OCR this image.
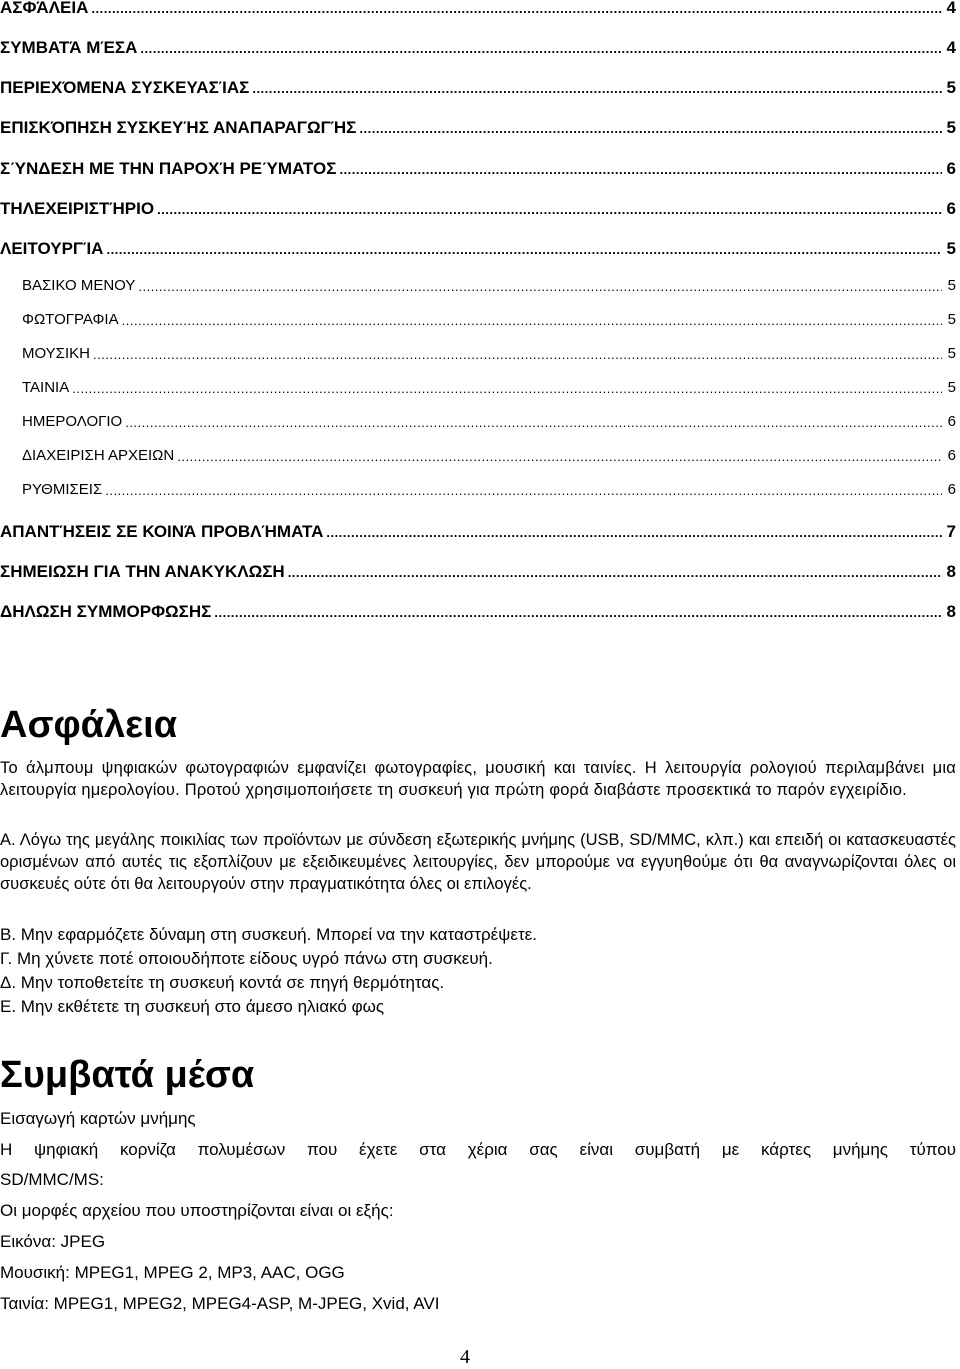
ΑΣΦΆΛΕΙΑ .....	4
ΣΥΜΒΑΤΆ ΜΈΣΑ .....	4
ΠΕΡΙΕΧΌΜΕΝΑ ΣΥΣΚΕΥΑΣΊΑΣ .....	5
ΕΠΙΣΚΌΠΗΣΗ ΣΥΣΚΕΥΉΣ ΑΝΑΠΑΡΑΓΩΓΉΣ .....	5
ΣΎΝΔΕΣΗ ΜΕ ΤΗΝ ΠΑΡΟΧΉ ΡΕΎΜΑΤΟΣ .....	6
ΤΗΛΕΧΕΙΡΙΣΤΉΡΙΟ .....	6
ΛΕΙΤΟΥΡΓΊΑ .....	5
ΒΑΣΙΚΟ ΜΕΝΟΥ .....	5
ΦΩΤΟΓΡΑΦΙΑ .....	5
ΜΟΥΣΙΚΗ .....	5
ΤΑΙΝΙΑ .....	5
ΗΜΕΡΟΛΟΓΙΟ .....	6
ΔΙΑΧΕΙΡΙΣΗ ΑΡΧΕΙΩΝ .....	6
ΡΥΘΜΙΣΕΙΣ .....	6
ΑΠΑΝΤΉΣΕΙΣ ΣΕ ΚΟΙΝΆ ΠΡΟΒΛΉΜΑΤΑ .....	7
ΣΗΜΕΙΩΣΗ ΓΙΑ ΤΗΝ ΑΝΑΚΥΚΛΩΣΗ .....	8
ΔΗΛΩΣΗ ΣΥΜΜΟΡΦΩΣΗΣ .....	8
Ασφάλεια

Το άλμπουμ ψηφιακών φωτογραφιών εμφανίζει φωτογραφίες, μουσική και ταινίες. Η λειτουργία ρολογιού περιλαμβάνει μια λειτουργία ημερολογίου. Προτού χρησιμοποιήσετε τη συσκευή για πρώτη φορά διαβάστε προσεκτικά το παρόν εγχειρίδιο.

Α. Λόγω της μεγάλης ποικιλίας των προϊόντων με σύνδεση εξωτερικής μνήμης (USB, SD/MMC, κλπ.) και επειδή οι κατασκευαστές ορισμένων από αυτές τις εξοπλίζουν με εξειδικευμένες λειτουργίες, δεν μπορούμε να εγγυηθούμε ότι θα αναγνωρίζονται όλες οι συσκευές ούτε ότι θα λειτουργούν στην πραγματικότητα όλες οι επιλογές.

Β. Μην εφαρμόζετε δύναμη στη συσκευή. Μπορεί να την καταστρέψετε.

Γ. Μη χύνετε ποτέ οποιουδήποτε είδους υγρό πάνω στη συσκευή.

Δ. Μην τοποθετείτε τη συσκευή κοντά σε πηγή θερμότητας.

Ε. Μην εκθέτετε τη συσκευή στο άμεσο ηλιακό φως

Συμβατά μέσα

Εισαγωγή καρτών μνήμης

Η ψηφιακή κορνίζα πολυμέσων που έχετε στα χέρια σας είναι συμβατή με κάρτες μνήμης τύπου

SD/MMC/MS:

Οι μορφές αρχείου που υποστηρίζονται είναι οι εξής:

Εικόνα: JPEG

Μουσική: MPEG1, MPEG 2, MP3, AAC, OGG

Ταινία: MPEG1, MPEG2, MPEG4-ASP, M-JPEG, Xvid, AVI

4
